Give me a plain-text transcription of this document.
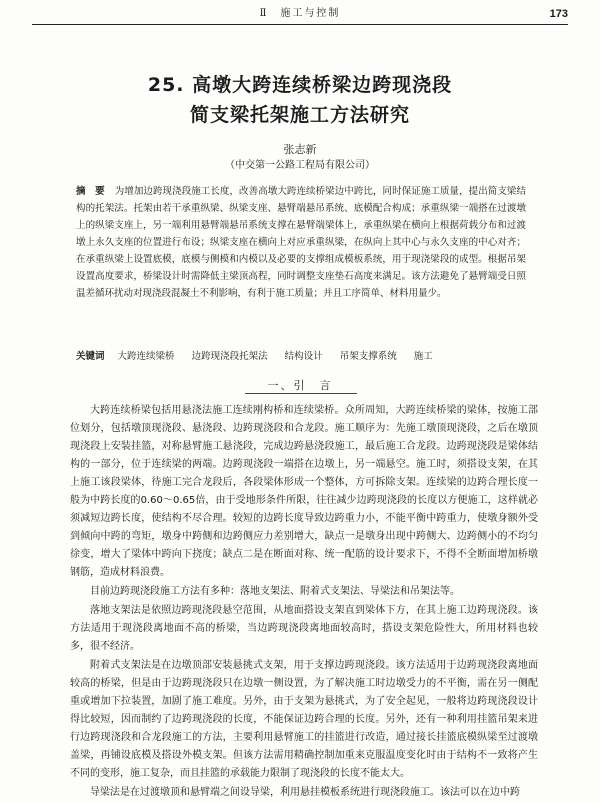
Ⅱ　施工与控制	173
25. 高墩大跨连续桥梁边跨现浇段
简支梁托架施工方法研究
张志新
（中交第一公路工程局有限公司）
摘　要 为增加边跨现浇段施工长度，改善高墩大跨连续桥梁边中跨比，同时保证施工质量，提出简支梁结构的托架法。托架由若干承重纵梁、纵梁支座、悬臂端悬吊系统、底模配合构成；承重纵梁一端搭在过渡墩上的纵梁支座上，另一端利用悬臂端悬吊系统支撑在悬臂端梁体上，承重纵梁在横向上根据荷载分布和过渡墩上永久支座的位置进行布设；纵梁支座在横向上对应承重纵梁，在纵向上其中心与永久支座的中心对齐；在承重纵梁上设置底模，底模与侧模和内模以及必要的支撑组成模板系统，用于现浇梁段的成型。根据吊架设置高度要求，桥梁设计时需降低主梁顶高程，同时调整支座垫石高度来满足。该方法避免了悬臂端受日照温差循环扰动对现浇段混凝土不利影响，有利于施工质量；并且工序简单、材料用量少。
关键词 大跨连续梁桥 边跨现浇段托架法 结构设计 吊架支撑系统 施工
一、引　言

大跨连续桥梁包括用悬浇法施工连续刚构桥和连续梁桥。众所周知，大跨连续桥梁的梁体，按施工部位划分，包括墩顶现浇段、悬浇段、边跨现浇段和合龙段。施工顺序为：先施工墩顶现浇段，之后在墩顶现浇段上安装挂篮，对称悬臂施工悬浇段，完成边跨悬浇段施工，最后施工合龙段。边跨现浇段是梁体结构的一部分，位于连续梁的两端。边跨现浇段一端搭在边墩上，另一端悬空。施工时，须搭设支架，在其上施工该段梁体，待施工完合龙段后，各段梁体形成一个整体，方可拆除支架。连续梁的边跨合理长度一般为中跨长度的0.60～0.65倍，由于受地形条件所限，往往减少边跨现浇段的长度以方便施工，这样就必须减短边跨长度，使结构不尽合理。较短的边跨长度导致边跨重力小，不能平衡中跨重力，使墩身额外受到倾向中跨的弯矩，墩身中跨侧和边跨侧应力差别增大，缺点一是墩身出现中跨侧大、边跨侧小的不均匀徐变，增大了梁体中跨向下挠度；缺点二是在断面对称、统一配筋的设计要求下，不得不全断面增加桥墩钢筋，造成材料浪费。

目前边跨现浇段施工方法有多种：落地支架法、附着式支架法、导梁法和吊架法等。

落地支架法是依照边跨现浇段悬空范围，从地面搭设支架直到梁体下方，在其上施工边跨现浇段。该方法适用于现浇段离地面不高的桥梁，当边跨现浇段离地面较高时，搭设支架危险性大，所用材料也较多，很不经济。

附着式支架法是在边墩顶部安装悬挑式支架，用于支撑边跨现浇段。该方法适用于边跨现浇段离地面较高的桥梁，但是由于边跨现浇段只在边墩一侧设置，为了解决施工时边墩受力的不平衡，需在另一侧配重或增加下拉装置，加剧了施工难度。另外，由于支架为悬挑式，为了安全起见，一般将边跨现浇段设计得比较短，因而制约了边跨现浇段的长度，不能保证边跨合理的长度。另外，还有一种利用挂篮吊架来进行边跨现浇段和合龙段施工的方法，主要利用悬臂施工的挂篮进行改造，通过接长挂篮底模纵梁至过渡墩盖梁，再铺设底模及搭设外模支架。但该方法需用精确控制加重来克服温度变化时由于结构不一致将产生不同的变形，施工复杂，而且挂篮的承载能力限制了现浇段的长度不能太大。

导梁法是在过渡墩顶和悬臂端之间设导梁，利用悬挂模板系统进行现浇段施工。该法可以在边中跨
